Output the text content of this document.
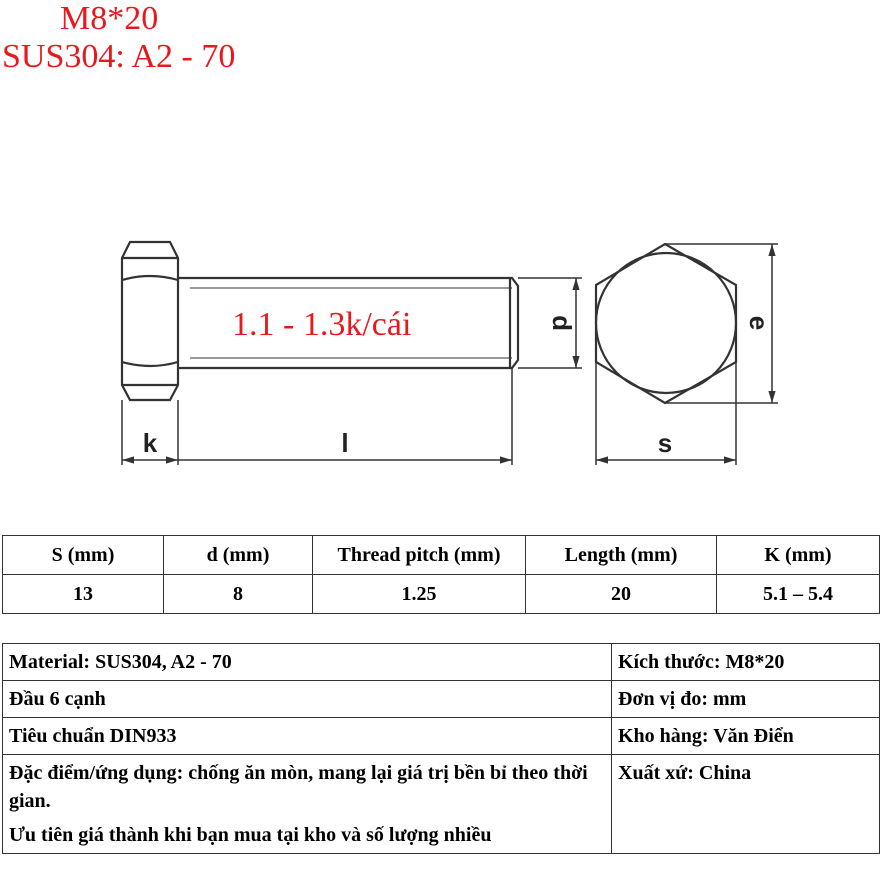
M8*20
SUS304: A2 - 70
k	l
d	e
s
1.1 - 1.3k/cái
S (mm)	d (mm)	Thread pitch (mm)	Length (mm)	K (mm)
13	8	1.25	20	5.1 – 5.4
Material: SUS304, A2 - 70	Kích thước: M8*20
Đầu 6 cạnh	Đơn vị đo: mm
Tiêu chuẩn DIN933	Kho hàng: Văn Điển

Đặc điểm/ứng dụng: chống ăn mòn, mang lại giá trị bền bỉ theo thời gian.

Ưu tiên giá thành khi bạn mua tại kho và số lượng nhiều	Xuất xứ: China
